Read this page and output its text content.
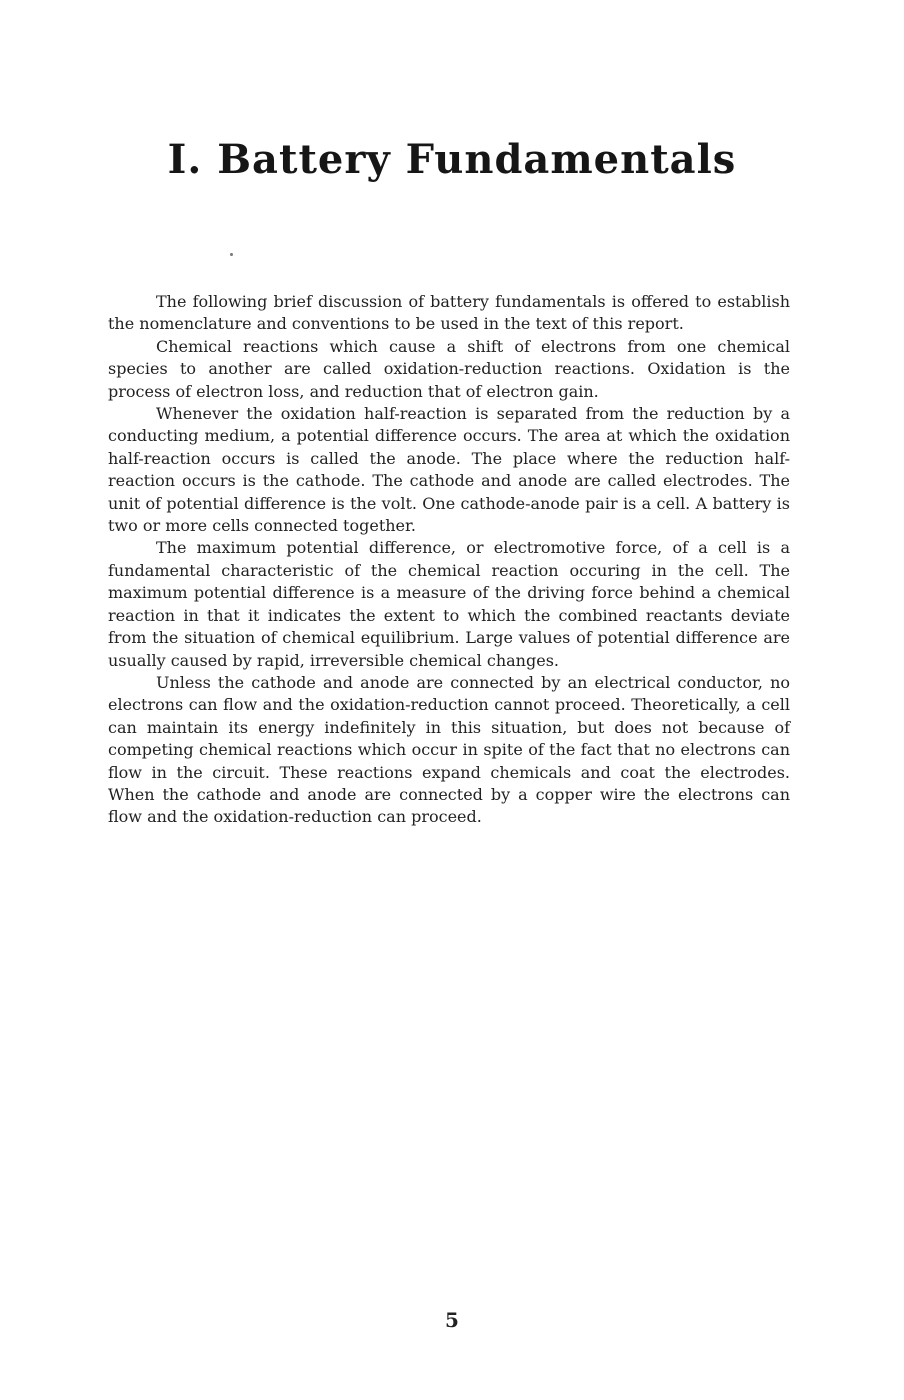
I. Battery Fundamentals

The following brief discussion of battery fundamentals is offered to establish the nomenclature and conventions to be used in the text of this report.

Chemical reactions which cause a shift of electrons from one chemical species to another are called oxidation-reduction reactions. Oxidation is the process of electron loss, and reduction that of electron gain.

Whenever the oxidation half-reaction is separated from the reduction by a conducting medium, a potential difference occurs. The area at which the oxidation half-reaction occurs is called the anode. The place where the reduction half-reaction occurs is the cathode. The cathode and anode are called electrodes. The unit of potential difference is the volt. One cathode-anode pair is a cell. A battery is two or more cells connected together.

The maximum potential difference, or electromotive force, of a cell is a fundamental characteristic of the chemical reaction occuring in the cell. The maximum potential difference is a measure of the driving force behind a chemical reaction in that it indicates the extent to which the combined reactants deviate from the situation of chemical equilibrium. Large values of potential difference are usually caused by rapid, irreversible chemical changes.

Unless the cathode and anode are connected by an electrical conductor, no electrons can flow and the oxidation-reduction cannot proceed. Theoretically, a cell can maintain its energy indefinitely in this situation, but does not because of competing chemical reactions which occur in spite of the fact that no electrons can flow in the circuit. These reactions expand chemicals and coat the electrodes. When the cathode and anode are connected by a copper wire the electrons can flow and the oxidation-reduction can proceed.

5
